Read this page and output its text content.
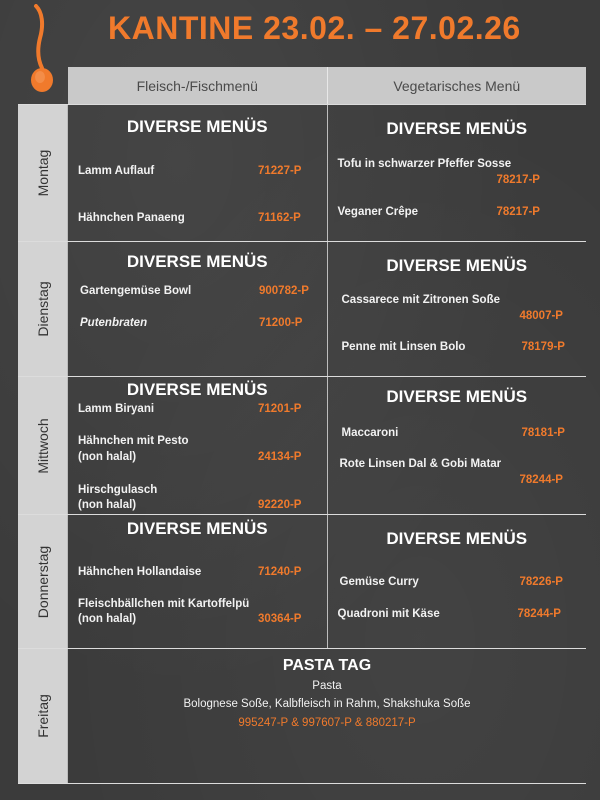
KANTINE 23.02. – 27.02.26
Fleisch-/Fischmenü	Vegetarisches Menü
Montag
DIVERSE MENÜS
Lamm Auflauf	71227-P
Hähnchen Panaeng	71162-P
DIVERSE MENÜS
Tofu in schwarzer Pfeffer Sosse
78217-P
Veganer Crêpe	78217-P
Dienstag
DIVERSE MENÜS
Gartengemüse Bowl	900782-P
Putenbraten	71200-P
DIVERSE MENÜS
Cassarece mit Zitronen Soße
48007-P
Penne mit Linsen Bolo	78179-P
Mittwoch
DIVERSE MENÜS
Lamm Biryani	71201-P
Hähnchen mit Pesto
(non halal)	24134-P
Hirschgulasch
(non halal)	92220-P
DIVERSE MENÜS
Maccaroni	78181-P
Rote Linsen Dal & Gobi Matar
78244-P
Donnerstag
DIVERSE MENÜS
Hähnchen Hollandaise	71240-P
Fleischbällchen mit Kartoffelpü
(non halal)	30364-P
DIVERSE MENÜS
Gemüse Curry	78226-P
Quadroni mit Käse	78244-P
Freitag
PASTA TAG
Pasta
Bolognese Soße, Kalbfleisch in Rahm, Shakshuka Soße
995247-P & 997607-P & 880217-P
